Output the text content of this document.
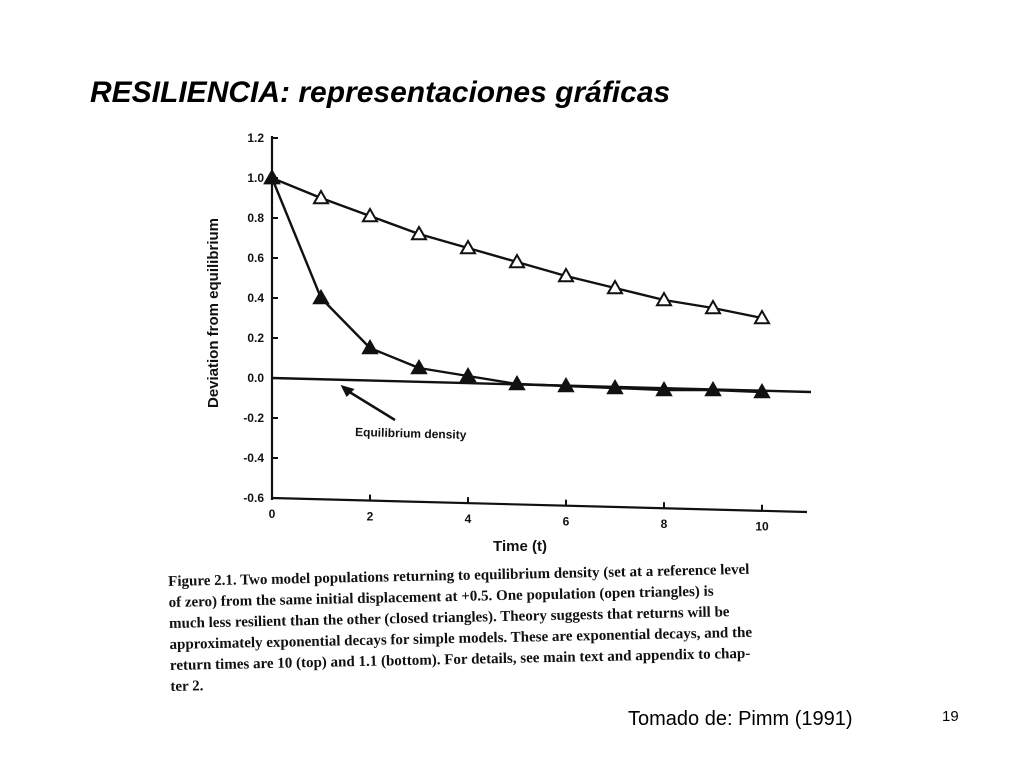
RESILIENCIA: representaciones gráficas
Deviation from equilibrium
Time (t)
1.2
1.0
0.8
0.6
0.4
0.2
0.0
-0.2
-0.4
-0.6
0	2	4	6	8	10
Equilibrium density
Figure 2.1. Two model populations returning to equilibrium density (set at a reference level
of zero) from the same initial displacement at +0.5. One population (open triangles) is
much less resilient than the other (closed triangles). Theory suggests that returns will be
approximately exponential decays for simple models. These are exponential decays, and the
return times are 10 (top) and 1.1 (bottom). For details, see main text and appendix to chap-
ter 2.
Tomado de: Pimm (1991)	19
